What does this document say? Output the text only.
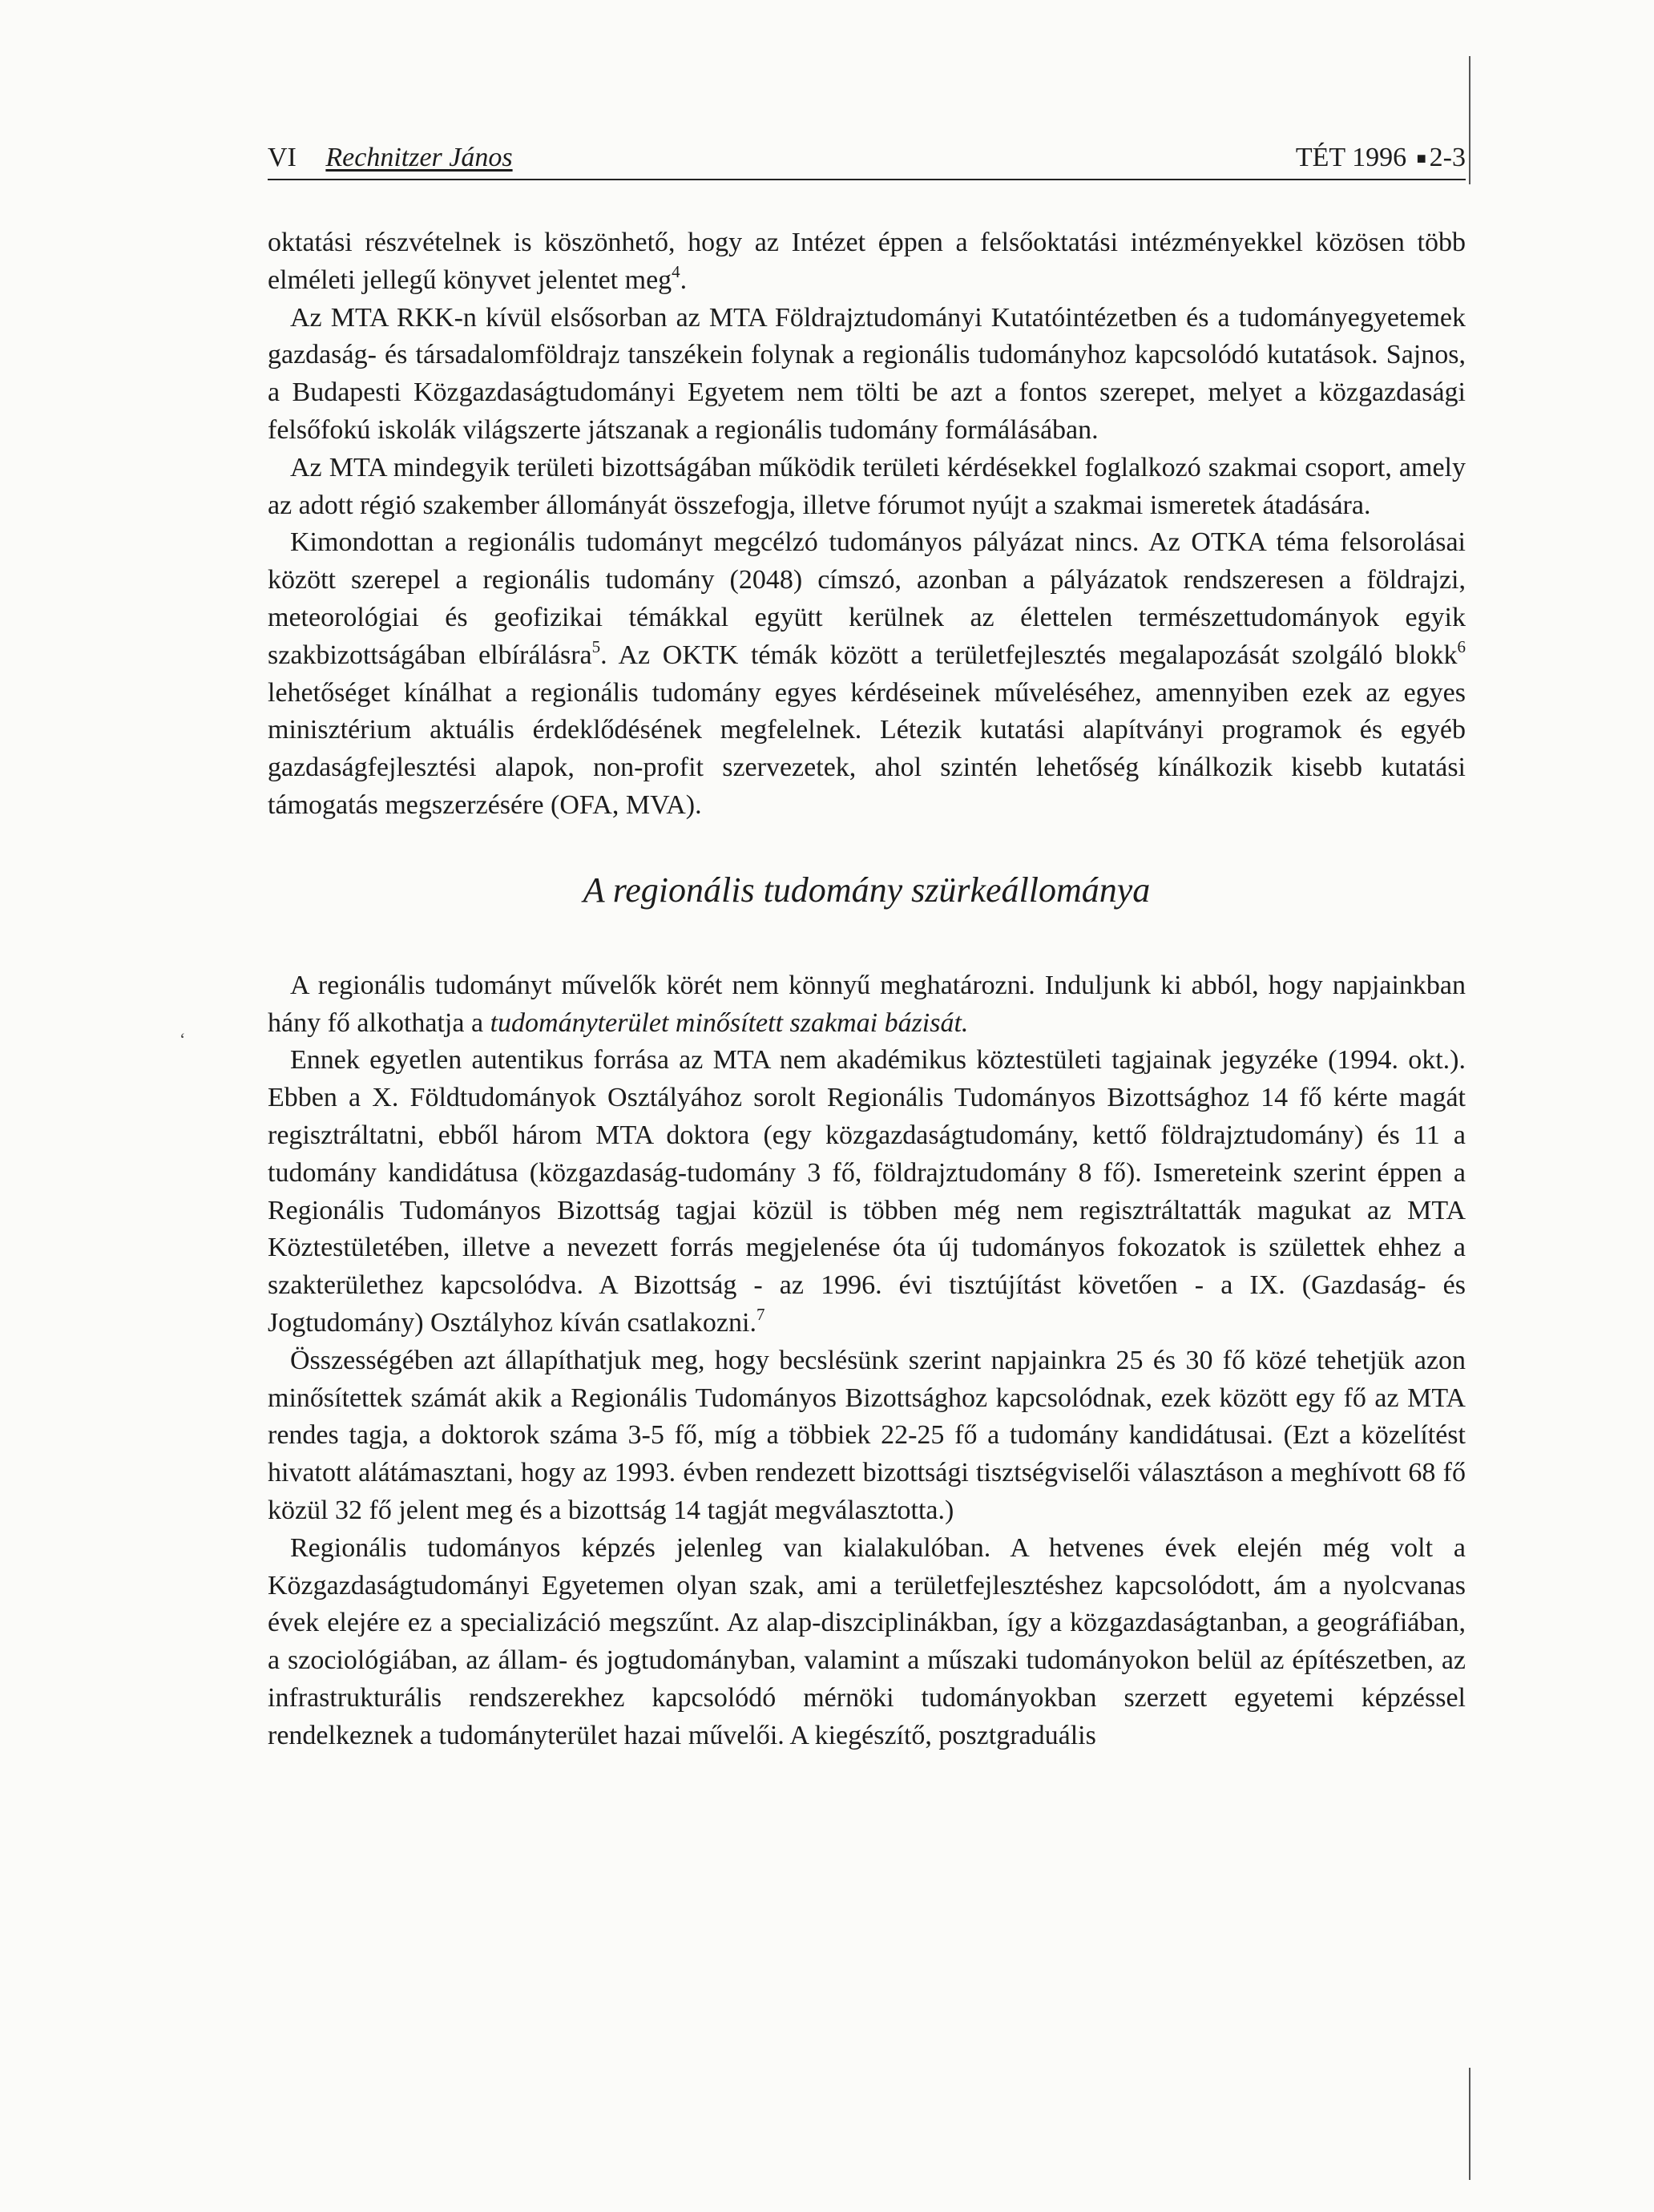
VI Rechnitzer János	TÉT 1996 ■ 2-3

oktatási részvételnek is köszönhető, hogy az Intézet éppen a felsőoktatási intézményekkel közösen több elméleti jellegű könyvet jelentet meg$^4$.

Az MTA RKK-n kívül elsősorban az MTA Földrajztudományi Kutatóintézetben és a tudományegyetemek gazdaság- és társadalomföldrajz tanszékein folynak a regionális tudományhoz kapcsolódó kutatások. Sajnos, a Budapesti Közgazdaságtudományi Egyetem nem tölti be azt a fontos szerepet, melyet a közgazdasági felsőfokú iskolák világszerte játszanak a regionális tudomány formálásában.

Az MTA mindegyik területi bizottságában működik területi kérdésekkel foglalkozó szakmai csoport, amely az adott régió szakember állományát összefogja, illetve fórumot nyújt a szakmai ismeretek átadására.

Kimondottan a regionális tudományt megcélzó tudományos pályázat nincs. Az OTKA téma felsorolásai között szerepel a regionális tudomány (2048) címszó, azonban a pályázatok rendszeresen a földrajzi, meteorológiai és geofizikai témákkal együtt kerülnek az élettelen természettudományok egyik szakbizottságában elbírálásra$^5$. Az OKTK témák között a területfejlesztés megalapozását szolgáló blokk$^6$ lehetőséget kínálhat a regionális tudomány egyes kérdéseinek műveléséhez, amennyiben ezek az egyes minisztérium aktuális érdeklődésének megfelelnek. Létezik kutatási alapítványi programok és egyéb gazdaságfejlesztési alapok, non-profit szervezetek, ahol szintén lehetőség kínálkozik kisebb kutatási támogatás megszerzésére (OFA, MVA).

A regionális tudomány szürkeállománya

A regionális tudományt művelők körét nem könnyű meghatározni. Induljunk ki abból, hogy napjainkban hány fő alkothatja a tudományterület minősített szakmai bázisát.

Ennek egyetlen autentikus forrása az MTA nem akadémikus köztestületi tagjainak jegyzéke (1994. okt.). Ebben a X. Földtudományok Osztályához sorolt Regionális Tudományos Bizottsághoz 14 fő kérte magát regisztráltatni, ebből három MTA doktora (egy közgazdaságtudomány, kettő földrajztudomány) és 11 a tudomány kandidátusa (közgazdaság-tudomány 3 fő, földrajztudomány 8 fő). Ismereteink szerint éppen a Regionális Tudományos Bizottság tagjai közül is többen még nem regisztráltatták magukat az MTA Köztestületében, illetve a nevezett forrás megjelenése óta új tudományos fokozatok is születtek ehhez a szakterülethez kapcsolódva. A Bizottság - az 1996. évi tisztújítást követően - a IX. (Gazdaság- és Jogtudomány) Osztályhoz kíván csatlakozni.$^7$

Összességében azt állapíthatjuk meg, hogy becslésünk szerint napjainkra 25 és 30 fő közé tehetjük azon minősítettek számát akik a Regionális Tudományos Bizottsághoz kapcsolódnak, ezek között egy fő az MTA rendes tagja, a doktorok száma 3-5 fő, míg a többiek 22-25 fő a tudomány kandidátusai. (Ezt a közelítést hivatott alátámasztani, hogy az 1993. évben rendezett bizottsági tisztségviselői választáson a meghívott 68 fő közül 32 fő jelent meg és a bizottság 14 tagját megválasztotta.)

Regionális tudományos képzés jelenleg van kialakulóban. A hetvenes évek elején még volt a Közgazdaságtudományi Egyetemen olyan szak, ami a területfejlesztéshez kapcsolódott, ám a nyolcvanas évek elejére ez a specializáció megszűnt. Az alap-diszciplinákban, így a közgazdaságtanban, a geográfiában, a szociológiában, az állam- és jogtudományban, valamint a műszaki tudományokon belül az építészetben, az infrastrukturális rendszerekhez kapcsolódó mérnöki tudományokban szerzett egyetemi képzéssel rendelkeznek a tudományterület hazai művelői. A kiegészítő, posztgraduális

‘
